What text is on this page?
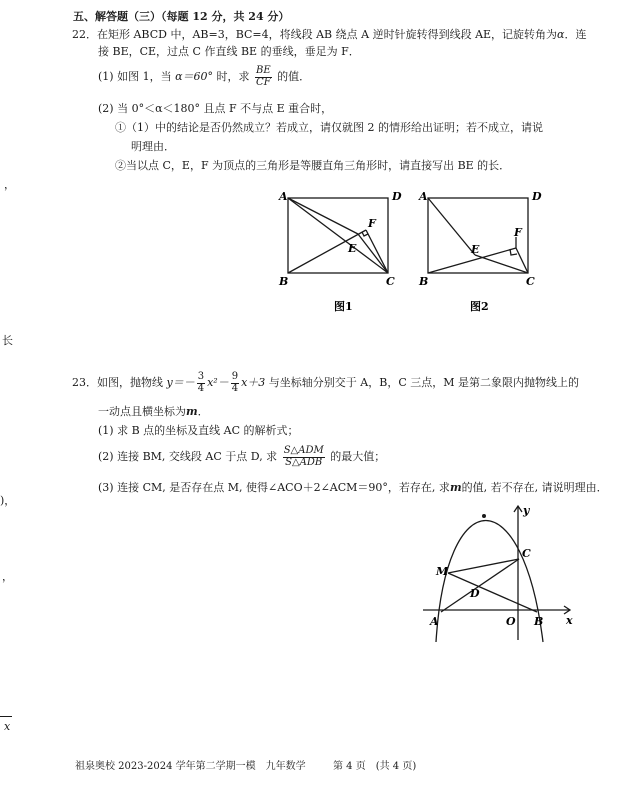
五、解答题（三）（每题 12 分，共 24 分）
22．在矩形 ABCD 中，AB=3，BC=4，将线段 AB 绕点 A 逆时针旋转得到线段 AE，记旋转角为α．连
接 BE，CE，过点 C 作直线 BE 的垂线，垂足为 F．
(1) 如图 1，当 α＝60° 时，求 $\frac{BE}{CF}$ 的值．
(2) 当 0°＜α＜180° 且点 F 不与点 E 重合时，
①（1）中的结论是否仍然成立？若成立，请仅就图 2 的情形给出证明；若不成立，请说
明理由．
②当以点 C，E，F 为顶点的三角形是等腰直角三角形时，请直接写出 BE 的长．
A	D
B	C
E
F
图1
A	D
B	C
E
F
图2
23．如图，抛物线 $y=- \frac{3}{4} x^2- \frac{9}{4} x+3$ 与坐标轴分别交于 A，B，C 三点，M 是第二象限内抛物线上的
一动点且横坐标为m．
(1) 求 B 点的坐标及直线 AC 的解析式；
(2) 连接 BM, 交线段 AC 于点 D, 求 $\frac{\text{S△ADM}}{\text{S△ADB}}$ 的最大值；
(3) 连接 CM, 是否存在点 M, 使得∠ACO＋2∠ACM＝90°，若存在, 求m的值, 若不存在, 请说明理由．
y
x
C
M
D
A	O B
，
长
)，
，
x
祖泉奥校 2023-2024 学年第二学期一模　九年数学	第 4 页　(共 4 页)
